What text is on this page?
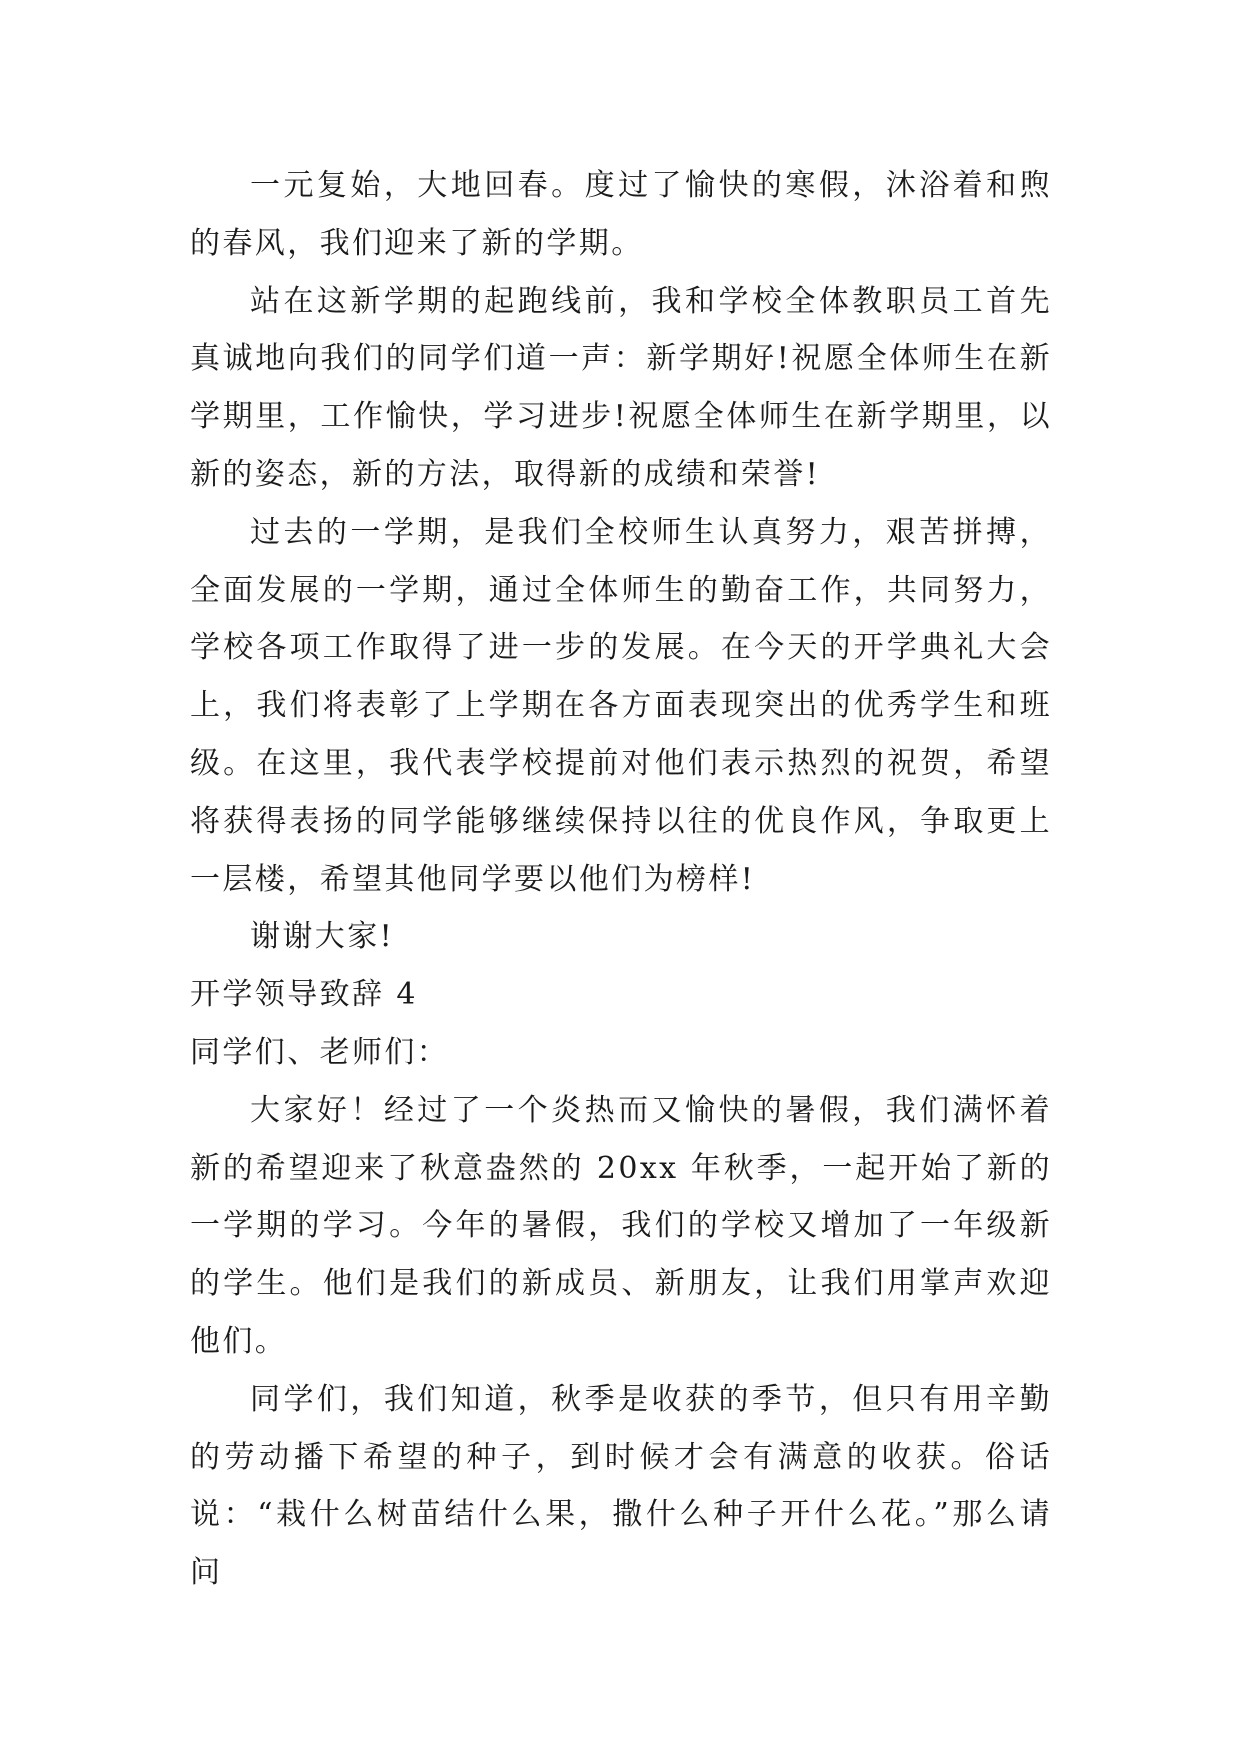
一元复始，大地回春。度过了愉快的寒假，沐浴着和煦的春风，我们迎来了新的学期。

站在这新学期的起跑线前，我和学校全体教职员工首先真诚地向我们的同学们道一声：新学期好!祝愿全体师生在新学期里，工作愉快，学习进步!祝愿全体师生在新学期里，以新的姿态，新的方法，取得新的成绩和荣誉!

过去的一学期，是我们全校师生认真努力，艰苦拼搏，全面发展的一学期，通过全体师生的勤奋工作，共同努力，学校各项工作取得了进一步的发展。在今天的开学典礼大会上，我们将表彰了上学期在各方面表现突出的优秀学生和班级。在这里，我代表学校提前对他们表示热烈的祝贺，希望将获得表扬的同学能够继续保持以往的优良作风，争取更上一层楼，希望其他同学要以他们为榜样!

谢谢大家!

开学领导致辞 4

同学们、老师们：

大家好！经过了一个炎热而又愉快的暑假，我们满怀着新的希望迎来了秋意盎然的 20xx 年秋季，一起开始了新的一学期的学习。今年的暑假，我们的学校又增加了一年级新的学生。他们是我们的新成员、新朋友，让我们用掌声欢迎他们。

同学们，我们知道，秋季是收获的季节，但只有用辛勤的劳动播下希望的种子，到时候才会有满意的收获。俗话说：“栽什么树苗结什么果，撒什么种子开什么花。”那么请问
